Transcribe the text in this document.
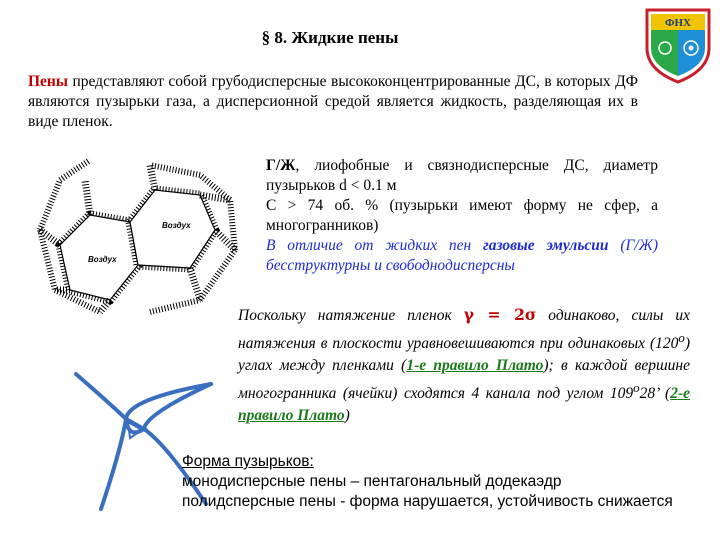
§ 8. Жидкие пены
ФНХ
Пены представляют собой грубодисперсные высококонцентрированные ДС, в которых ДФ являются пузырьки газа, а дисперсионной средой является жидкость, разделяющая их в виде пленок.
Воздух
Воздух
Г/Ж, лиофобные и связнодисперсные ДС, диаметр пузырьков d < 0.1 м
С > 74 об. % (пузырьки имеют форму не сфер, а многогранников)
В отличие от жидких пен газовые эмульсии (Г/Ж) бесструктурны и свободнодисперсны
Поскольку натяжение пленок γ = 2σ одинаково, силы их натяжения в плоскости уравновешиваются при одинаковых $(120^о)$ углах между пленками (1-е правило Плато); в каждой вершине многогранника (ячейки) сходятся 4 канала под углом $109^о28$’ (2-е правило Плато)
Форма пузырьков:
монодисперсные пены – пентагональный додекаэдр
полидсперсные пены - форма нарушается, устойчивость снижается
